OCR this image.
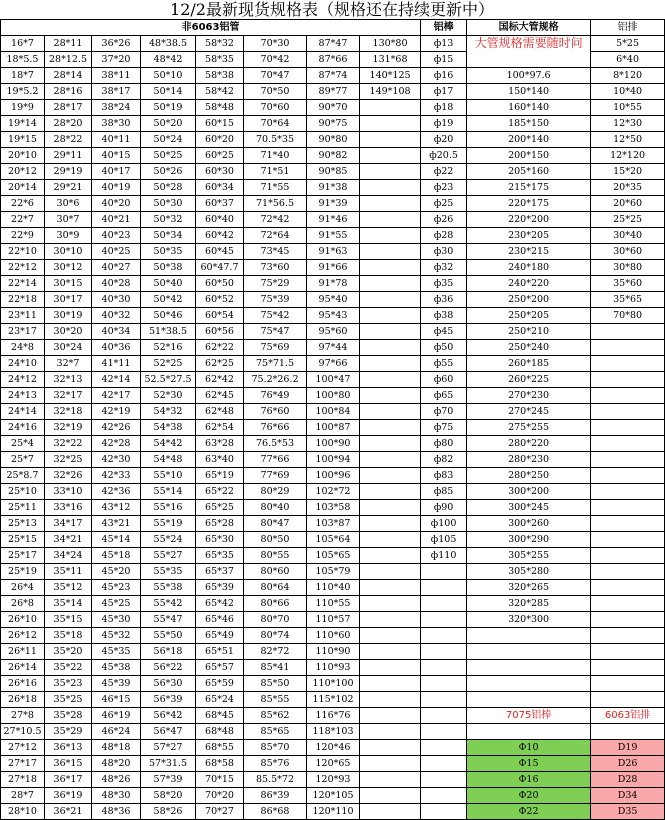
12/2最新现货规格表（规格还在持续更新中）
非6063铝管								铝棒	国标大管规格	铝排
16*7	28*11	36*26	48*38.5	58*32	70*30	87*47	130*80	ф13	大管规格需要随时问	5*25
18*5.5	28*12.5	37*20	48*42	58*35	70*42	87*66	131*68	ф15		6*40
18*7	28*14	38*11	50*10	58*38	70*47	87*74	140*125	ф16	100*97.6	8*120
19*5.2	28*16	38*17	50*14	58*42	70*50	89*77	149*108	ф17	150*140	10*40
19*9	28*17	38*24	50*19	58*48	70*60	90*70		ф18	160*140	10*55
19*14	28*20	38*30	50*20	60*15	70*64	90*75		ф19	185*150	12*30
19*15	28*22	40*11	50*24	60*20	70.5*35	90*80		ф20	200*140	12*50
20*10	29*11	40*15	50*25	60*25	71*40	90*82		ф20.5	200*150	12*120
20*12	29*19	40*17	50*26	60*30	71*51	90*85		ф22	205*160	15*20
20*14	29*21	40*19	50*28	60*34	71*55	91*38		ф23	215*175	20*35
22*6	30*6	40*20	50*30	60*37	71*56.5	91*39		ф25	220*175	20*60
22*7	30*7	40*21	50*32	60*40	72*42	91*46		ф26	220*200	25*25
22*9	30*9	40*23	50*34	60*42	72*64	91*55		ф28	230*205	30*40
22*10	30*10	40*25	50*35	60*45	73*45	91*63		ф30	230*215	30*60
22*12	30*12	40*27	50*38	60*47.7	73*60	91*66		ф32	240*180	30*80
22*14	30*15	40*28	50*40	60*50	75*29	91*78		ф35	240*220	35*60
22*18	30*17	40*30	50*42	60*52	75*39	95*40		ф36	250*200	35*65
23*11	30*19	40*32	50*46	60*54	75*42	95*43		ф38	250*205	70*80
23*17	30*20	40*34	51*38.5	60*56	75*47	95*60		ф45	250*210	
24*8	30*24	40*36	52*16	62*22	75*69	97*44		ф50	250*240	
24*10	32*7	41*11	52*25	62*25	75*71.5	97*66		ф55	260*185	
24*12	32*13	42*14	52.5*27.5	62*42	75.2*26.2	100*47		ф60	260*225	
24*13	32*17	42*17	52*30	62*45	76*49	100*80		ф65	270*230	
24*14	32*18	42*19	54*32	62*48	76*60	100*84		ф70	270*245	
24*16	32*19	42*26	54*38	62*54	76*66	100*87		ф75	275*255	
25*4	32*22	42*28	54*42	63*28	76.5*53	100*90		ф80	280*220	
25*7	32*25	42*30	54*48	63*40	77*66	100*94		ф82	280*230	
25*8.7	32*26	42*33	55*10	65*19	77*69	100*96		ф83	280*250	
25*10	33*10	42*36	55*14	65*22	80*29	102*72		ф85	300*200	
25*11	33*16	43*12	55*16	65*25	80*40	103*58		ф90	300*245	
25*13	34*17	43*21	55*19	65*28	80*47	103*87		ф100	300*260	
25*15	34*21	45*14	55*24	65*30	80*50	105*64		ф105	300*290	
25*17	34*24	45*18	55*27	65*35	80*55	105*65		ф110	305*255	
25*19	35*11	45*20	55*35	65*37	80*60	105*79			305*280	
26*4	35*12	45*23	55*38	65*39	80*64	110*40			320*265	
26*8	35*14	45*25	55*42	65*42	80*66	110*55			320*285	
26*10	35*15	45*30	55*47	65*46	80*70	110*57			320*300	
26*12	35*18	45*32	55*50	65*49	80*74	110*60				
26*11	35*20	45*35	56*18	65*51	82*72	110*90				
26*14	35*22	45*38	56*22	65*57	85*41	110*93				
26*16	35*23	45*39	56*30	65*59	85*50	110*100				
26*18	35*25	46*15	56*39	65*24	85*55	115*102				
27*8	35*28	46*19	56*42	68*45	85*62	116*76			7075铝棒	6063铝排
27*10.5	35*29	46*24	56*47	68*48	85*65	118*103				
27*12	36*13	48*18	57*27	68*55	85*70	120*46			Φ10	D19
27*17	36*15	48*20	57*31.5	68*58	85*76	120*65			Φ15	D26
27*18	36*17	48*26	57*39	70*15	85.5*72	120*93			Φ16	D28
28*7	36*19	48*30	58*20	70*20	86*39	120*105			Φ20	D34
28*10	36*21	48*36	58*26	70*27	86*68	120*110			Φ22	D35
